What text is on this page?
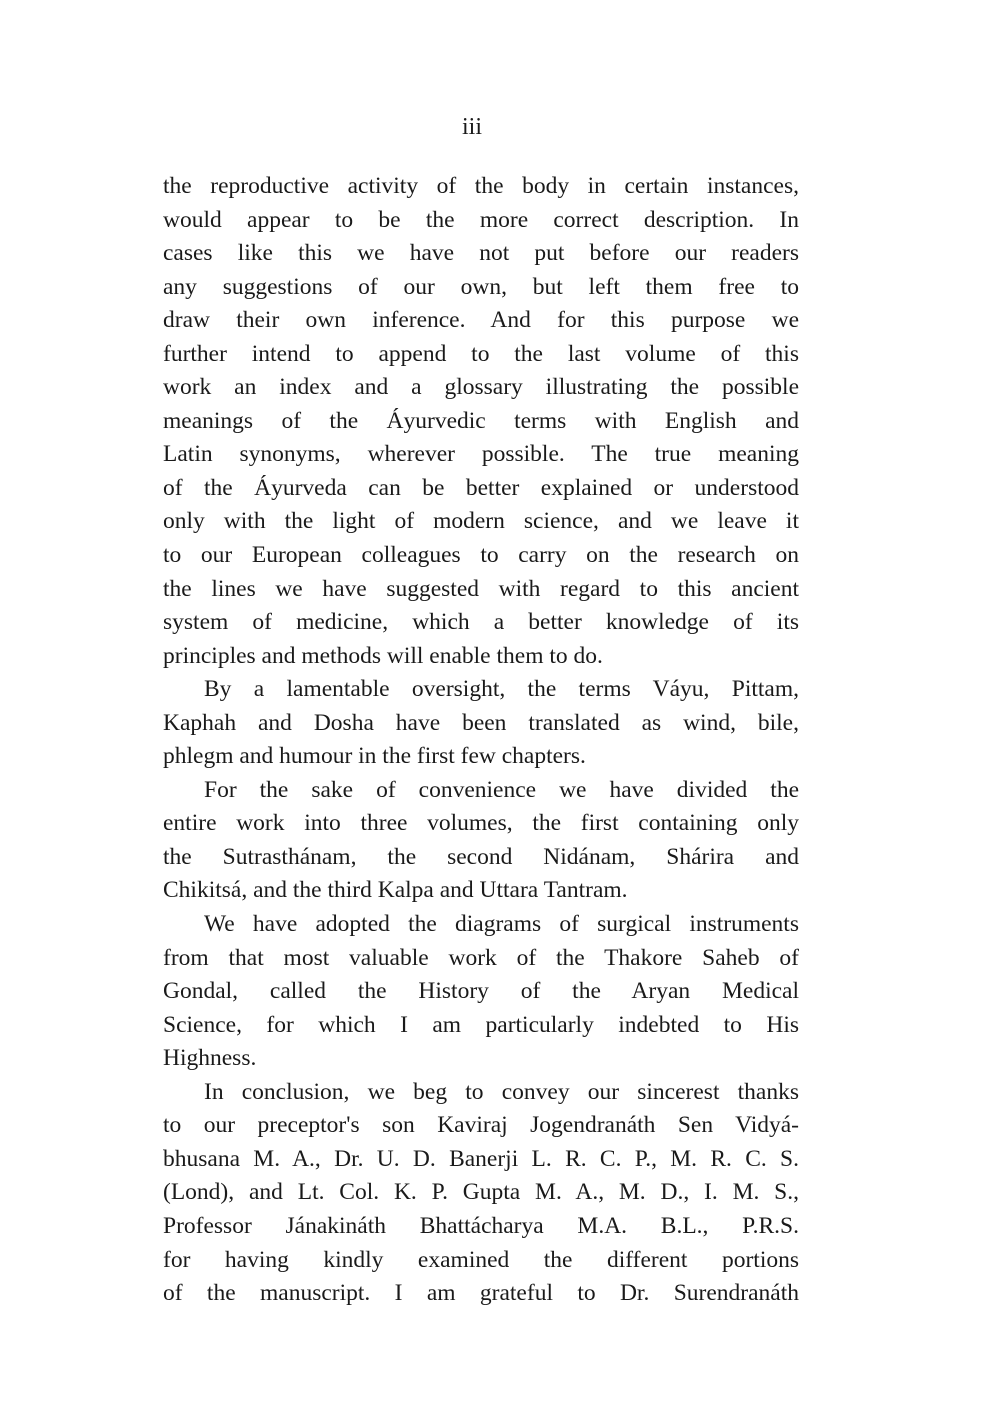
iii
the reproductive activity of the body in certain instances,
would appear to be the more correct description. In
cases like this we have not put before our readers
any suggestions of our own, but left them free to
draw their own inference. And for this purpose we
further intend to append to the last volume of this
work an index and a glossary illustrating the possible
meanings of the Áyurvedic terms with English and
Latin synonyms, wherever possible. The true meaning
of the Áyurveda can be better explained or understood
only with the light of modern science, and we leave it
to our European colleagues to carry on the research on
the lines we have suggested with regard to this ancient
system of medicine, which a better knowledge of its
principles and methods will enable them to do.
By a lamentable oversight, the terms Váyu, Pittam,
Kaphah and Dosha have been translated as wind, bile,
phlegm and humour in the first few chapters.
For the sake of convenience we have divided the
entire work into three volumes, the first containing only
the Sutrasthánam, the second Nidánam, Shárira and
Chikitsá, and the third Kalpa and Uttara Tantram.
We have adopted the diagrams of surgical instruments
from that most valuable work of the Thakore Saheb of
Gondal, called the History of the Aryan Medical
Science, for which I am particularly indebted to His
Highness.
In conclusion, we beg to convey our sincerest thanks
to our preceptor's son Kaviraj Jogendranáth Sen Vidyá-
bhusana M. A., Dr. U. D. Banerji L. R. C. P., M. R. C. S.
(Lond), and Lt. Col. K. P. Gupta M. A., M. D., I. M. S.,
Professor Jánakináth Bhattácharya M.A. B.L., P.R.S.
for having kindly examined the different portions
of the manuscript. I am grateful to Dr. Surendranáth
